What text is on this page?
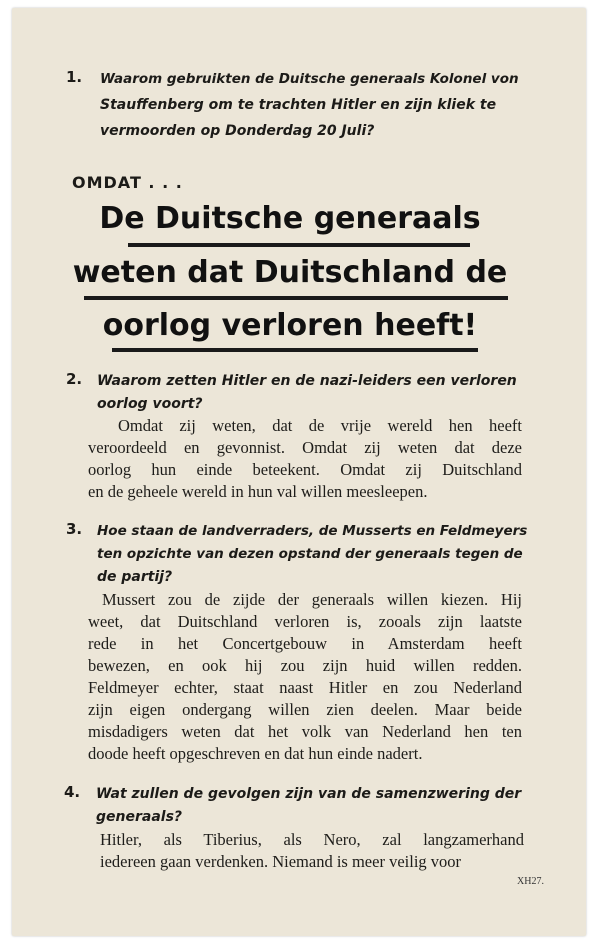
1. Waarom gebruikten de Duitsche generaals Kolonel von
Stauffenberg om te trachten Hitler en zijn kliek te
vermoorden op Donderdag 20 Juli?
OMDAT . . .
De Duitsche generaals
weten dat Duitschland de
oorlog verloren heeft!
2. Waarom zetten Hitler en de nazi-leiders een verloren
oorlog voort?
Omdat zij weten, dat de vrije wereld hen heeft
veroordeeld en gevonnist. Omdat zij weten dat deze
oorlog hun einde beteekent. Omdat zij Duitschland
en de geheele wereld in hun val willen meesleepen.
3. Hoe staan de landverraders, de Musserts en Feldmeyers
ten opzichte van dezen opstand der generaals tegen de
de partij?
Mussert zou de zijde der generaals willen kiezen. Hij
weet, dat Duitschland verloren is, zooals zijn laatste
rede in het Concertgebouw in Amsterdam heeft
bewezen, en ook hij zou zijn huid willen redden.
Feldmeyer echter, staat naast Hitler en zou Nederland
zijn eigen ondergang willen zien deelen. Maar beide
misdadigers weten dat het volk van Nederland hen ten
doode heeft opgeschreven en dat hun einde nadert.
4. Wat zullen de gevolgen zijn van de samenzwering der
generaals?
Hitler, als Tiberius, als Nero, zal langzamerhand
iedereen gaan verdenken. Niemand is meer veilig voor
XH27.
